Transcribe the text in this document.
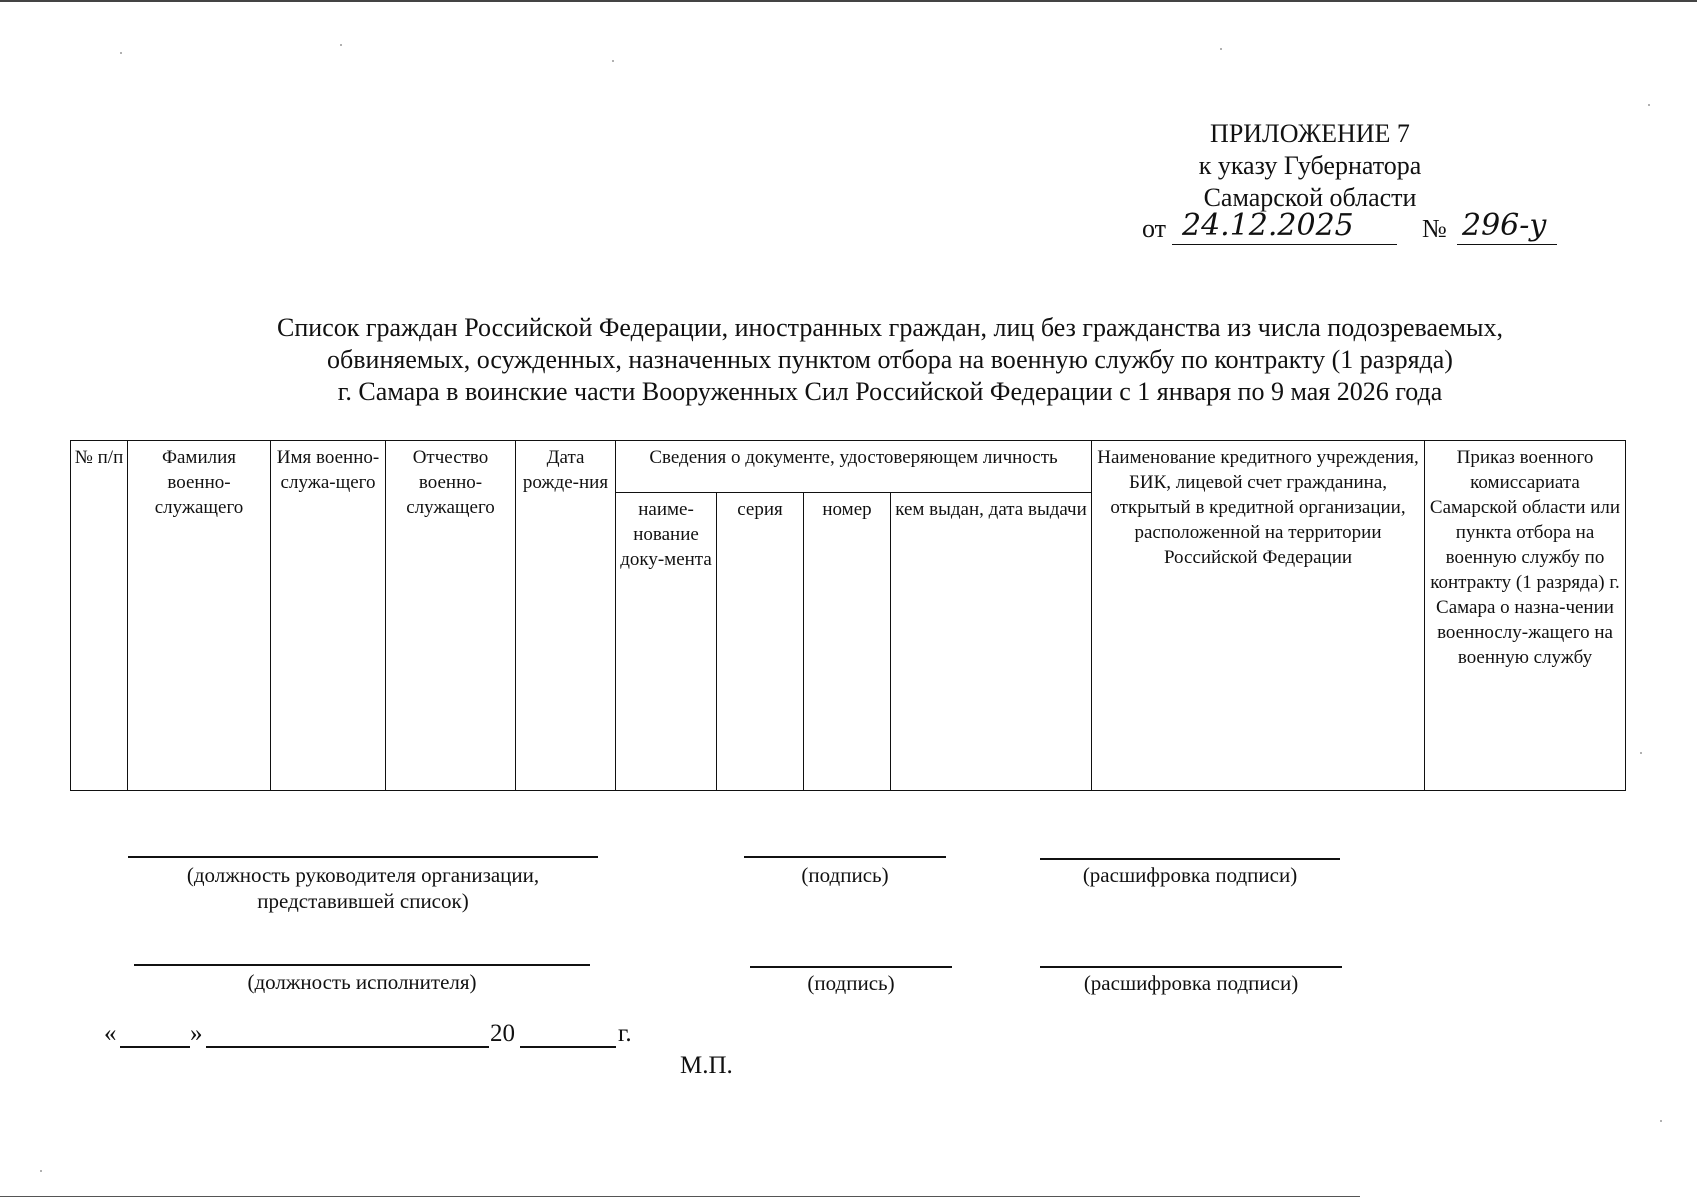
ПРИЛОЖЕНИЕ 7
к указу Губернатора
Самарской области
от 24.12.2025	№ 296-у
Список граждан Российской Федерации, иностранных граждан, лиц без гражданства из числа подозреваемых,
обвиняемых, осужденных, назначенных пунктом отбора на военную службу по контракту (1 разряда)
г. Самара в воинские части Вооруженных Сил Российской Федерации с 1 января по 9 мая 2026 года
№ п/п	Фамилия военно-служащего	Имя военно-служа-щего	Отчество военно-служащего	Дата рожде-ния	Сведения о документе, удостоверяющем личность				Наименование кредитного учреждения, БИК, лицевой счет гражданина, открытый в кредитной организации, расположенной на территории Российской Федерации	Приказ военного комиссариата Самарской области или пункта отбора на военную службу по контракту (1 разряда) г. Самара о назна-чении военнослу-жащего на военную службу
					наиме-нование доку-мента	серия	номер	кем выдан, дата выдачи		
(должность руководителя организации, представившей список)
(подпись)	(расшифровка подписи)
(должность исполнителя)	(подпись)	(расшифровка подписи)
«	»	20	г.
М.П.
